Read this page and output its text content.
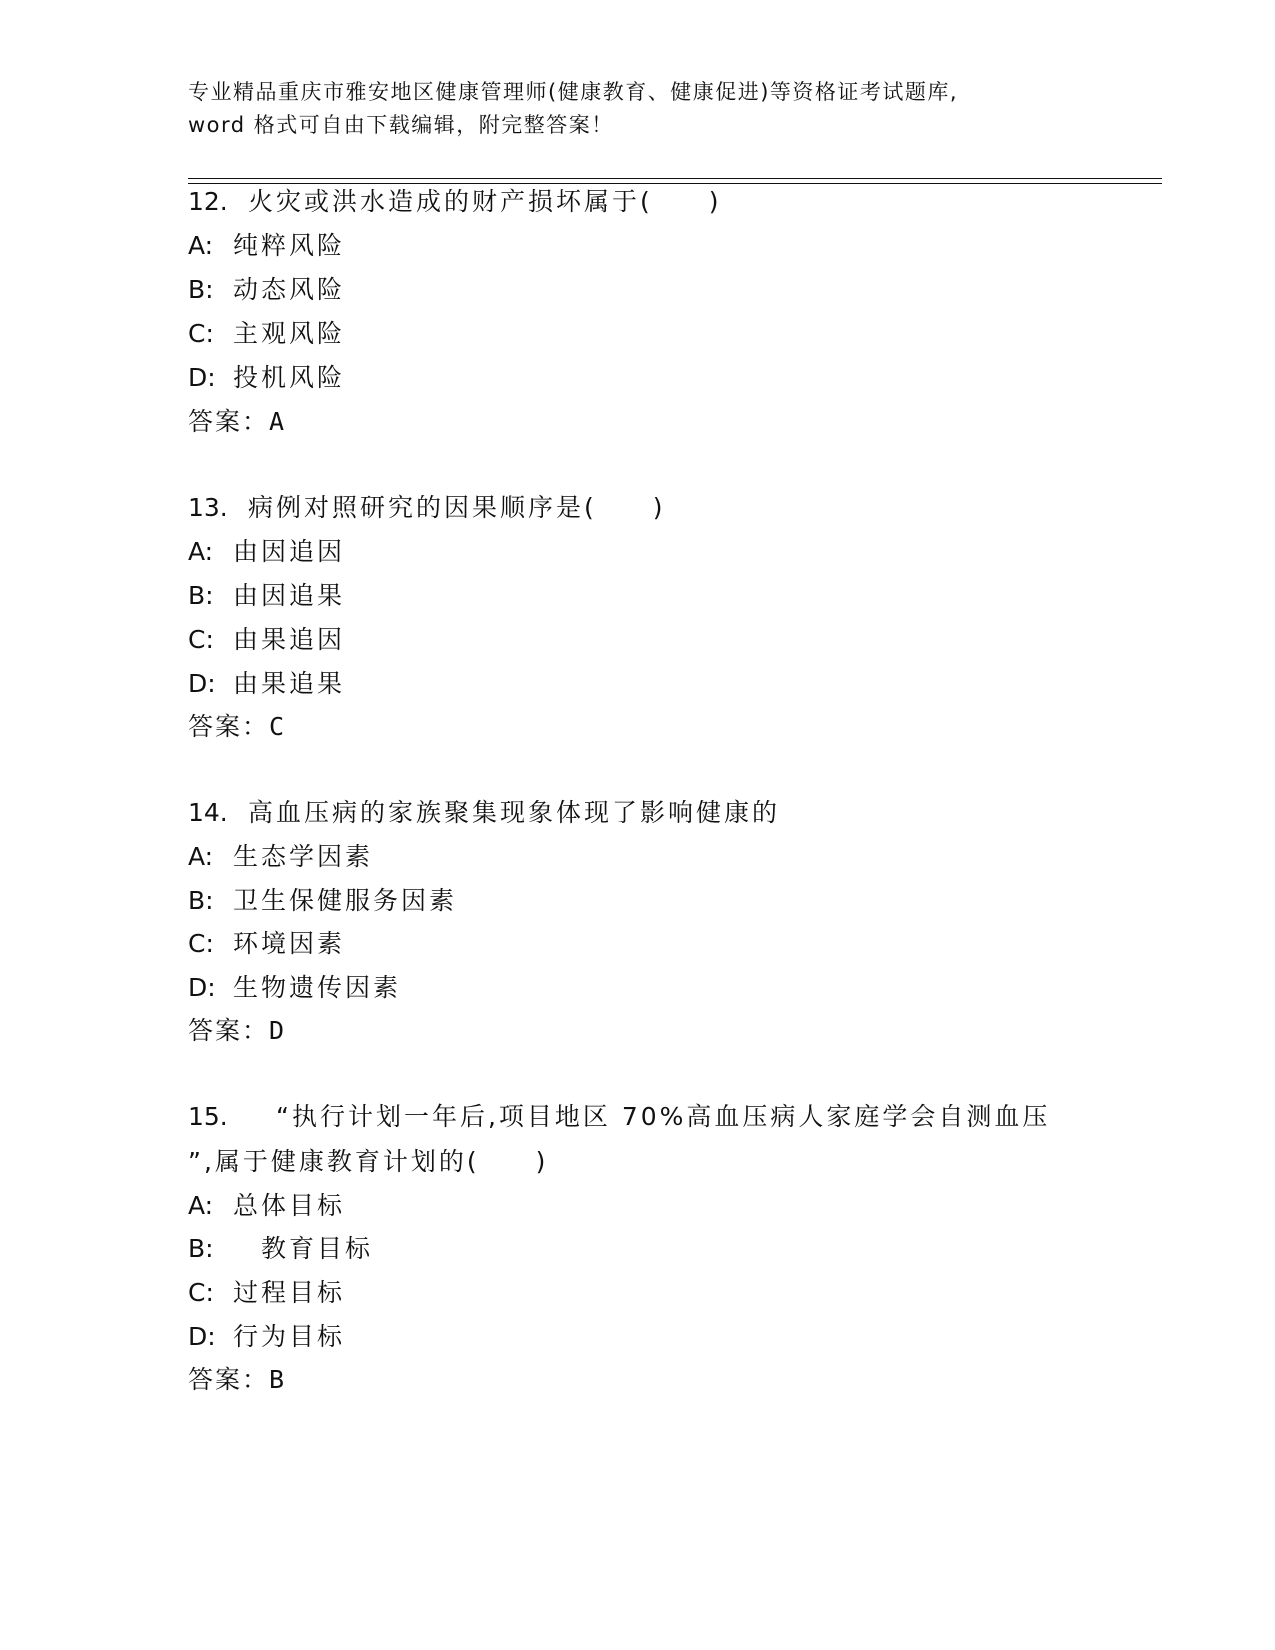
专业精品重庆市雅安地区健康管理师(健康教育、健康促进)等资格证考试题库,
word 格式可自由下载编辑，附完整答案！
12. 火灾或洪水造成的财产损坏属于(　　)
A: 纯粹风险
B: 动态风险
C: 主观风险
D: 投机风险
答案：A
13. 病例对照研究的因果顺序是(　　)
A: 由因追因
B: 由因追果
C: 由果追因
D: 由果追果
答案：C
14. 高血压病的家族聚集现象体现了影响健康的
A: 生态学因素
B: 卫生保健服务因素
C: 环境因素
D: 生物遗传因素
答案：D
15.　“执行计划一年后,项目地区 70%高血压病人家庭学会自测血压
”,属于健康教育计划的(　　)
A: 总体目标
B:　教育目标
C: 过程目标
D: 行为目标
答案：B
